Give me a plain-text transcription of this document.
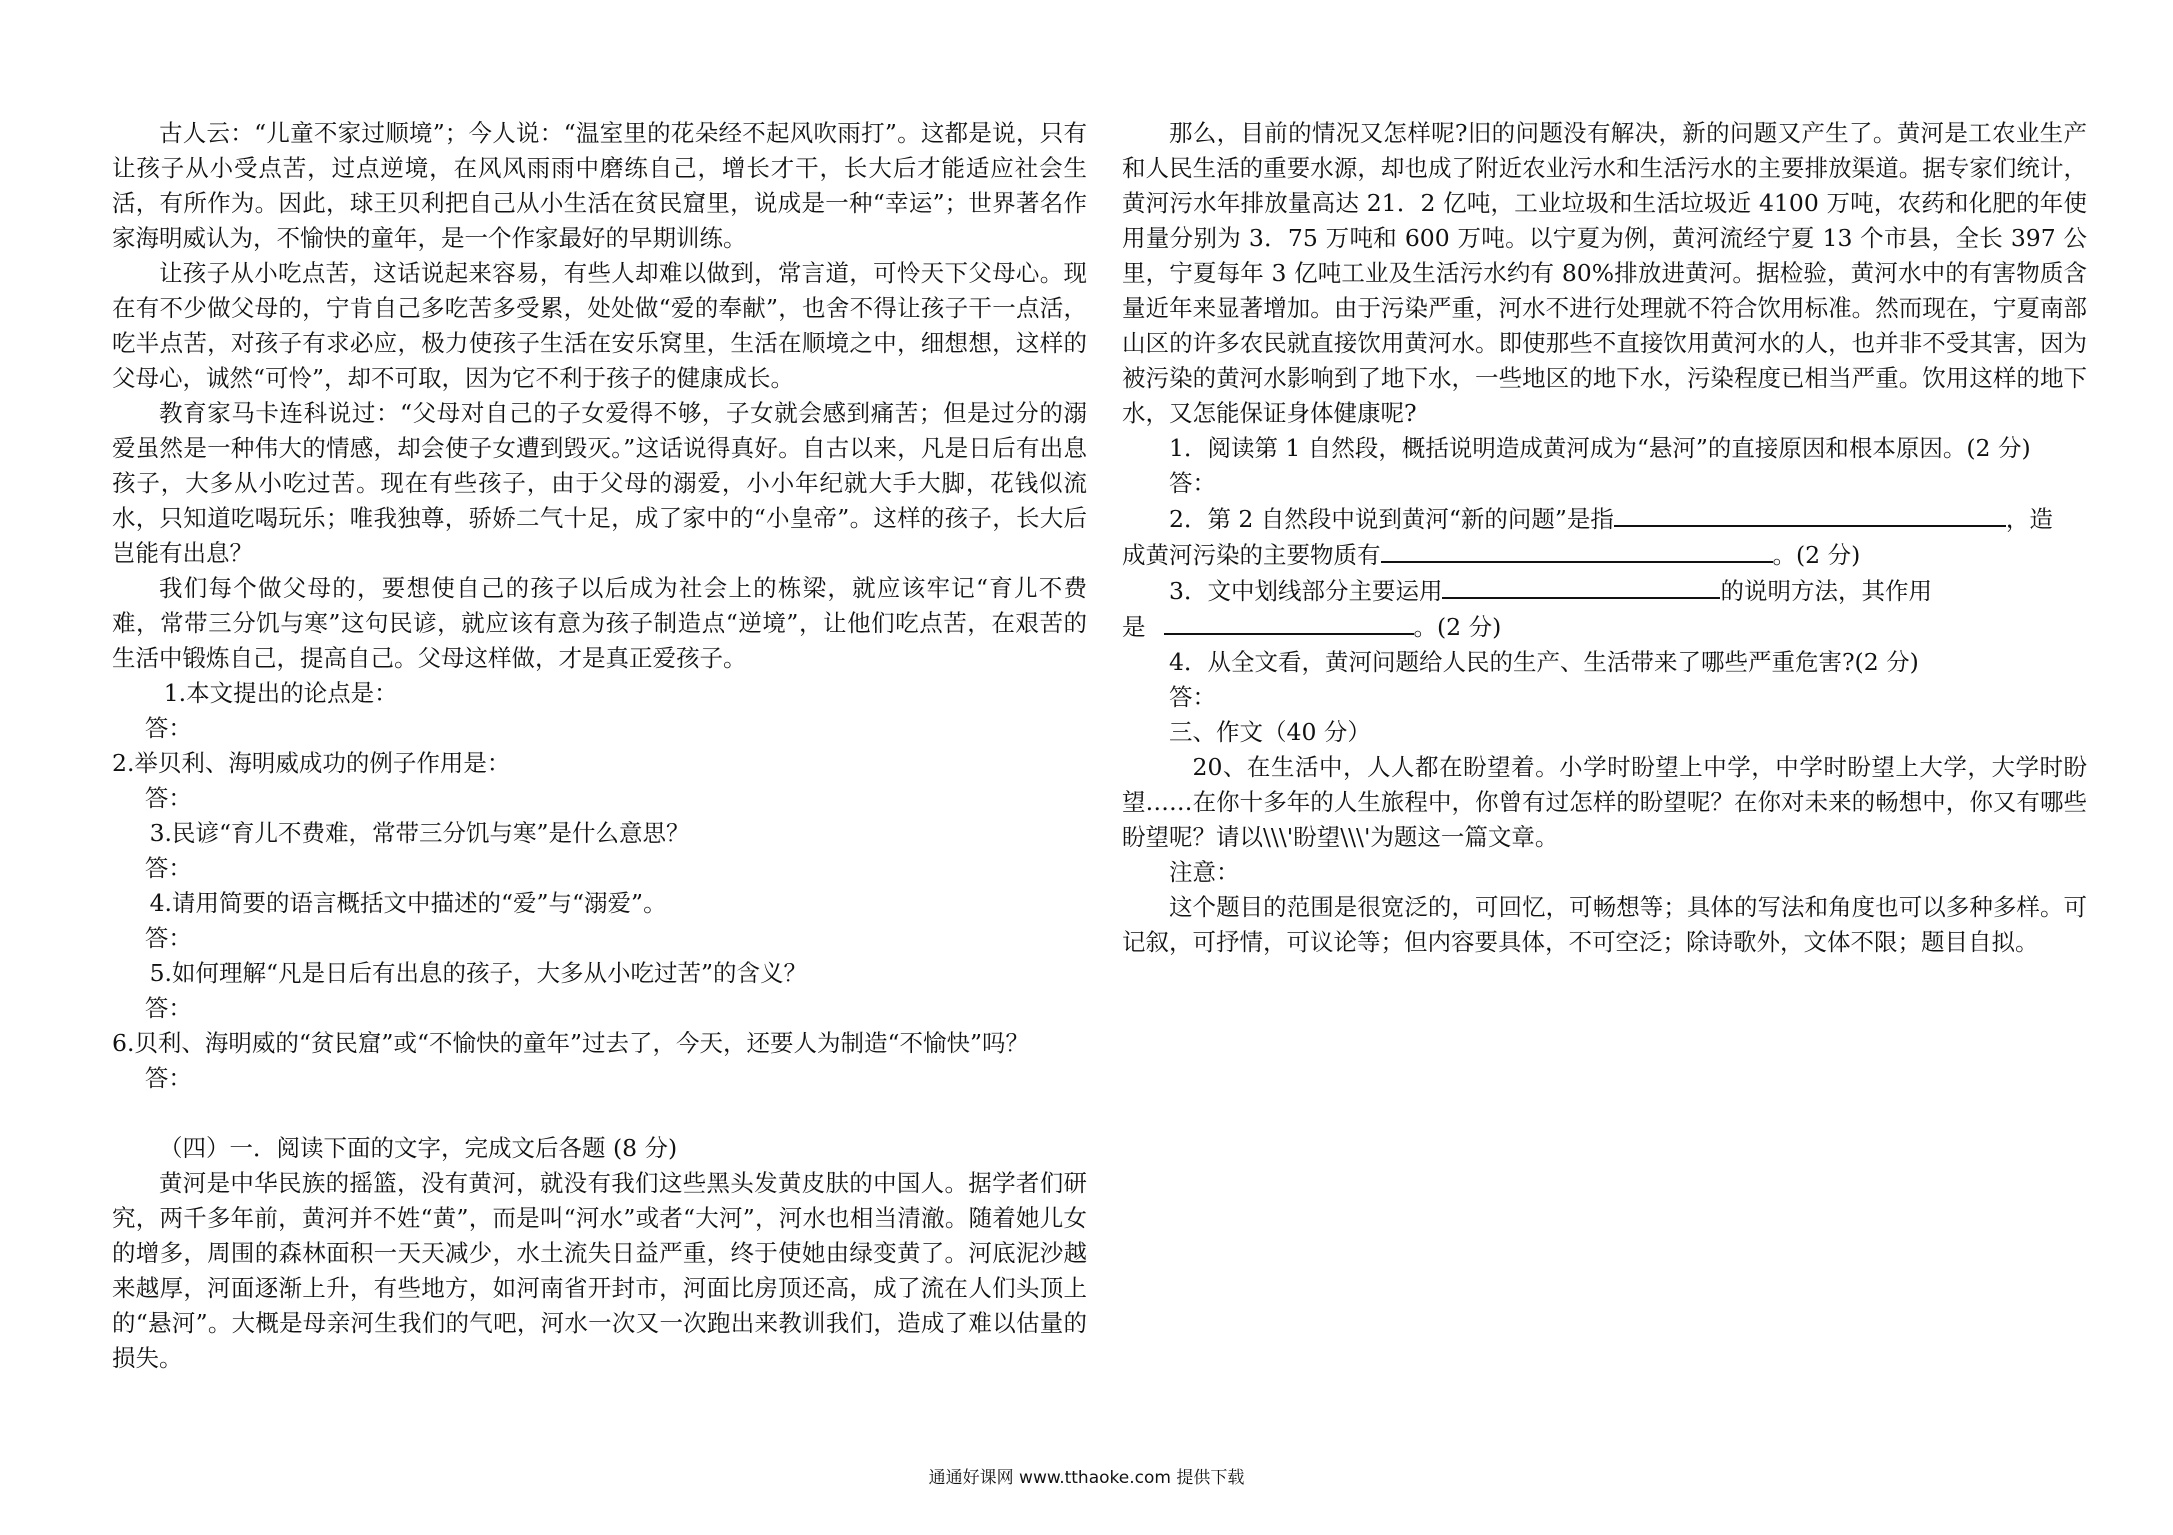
古人云：“儿童不家过顺境”；今人说：“温室里的花朵经不起风吹雨打”。这都是说，只有让孩子从小受点苦，过点逆境，在风风雨雨中磨练自己，增长才干，长大后才能适应社会生活，有所作为。因此，球王贝利把自己从小生活在贫民窟里，说成是一种“幸运”；世界著名作家海明威认为，不愉快的童年，是一个作家最好的早期训练。

让孩子从小吃点苦，这话说起来容易，有些人却难以做到，常言道，可怜天下父母心。现在有不少做父母的，宁肯自己多吃苦多受累，处处做“爱的奉献”，也舍不得让孩子干一点活，吃半点苦，对孩子有求必应，极力使孩子生活在安乐窝里，生活在顺境之中，细想想，这样的父母心，诚然“可怜”，却不可取，因为它不利于孩子的健康成长。

教育家马卡连科说过：“父母对自己的子女爱得不够，子女就会感到痛苦；但是过分的溺爱虽然是一种伟大的情感，却会使子女遭到毁灭。”这话说得真好。自古以来，凡是日后有出息孩子，大多从小吃过苦。现在有些孩子，由于父母的溺爱，小小年纪就大手大脚，花钱似流水，只知道吃喝玩乐；唯我独尊，骄娇二气十足，成了家中的“小皇帝”。这样的孩子，长大后岂能有出息？

我们每个做父母的，要想使自己的孩子以后成为社会上的栋梁，就应该牢记“育儿不费难，常带三分饥与寒”这句民谚，就应该有意为孩子制造点“逆境”，让他们吃点苦，在艰苦的生活中锻炼自己，提高自己。父母这样做，才是真正爱孩子。

1.本文提出的论点是：

答：

2.举贝利、海明威成功的例子作用是：

答：

3.民谚“育儿不费难，常带三分饥与寒”是什么意思？

答：

4.请用简要的语言概括文中描述的“爱”与“溺爱”。

答：

5.如何理解“凡是日后有出息的孩子，大多从小吃过苦”的含义？

答：

6.贝利、海明威的“贫民窟”或“不愉快的童年”过去了，今天，还要人为制造“不愉快”吗？

答：

（四）一．阅读下面的文字，完成文后各题 (8 分)

黄河是中华民族的摇篮，没有黄河，就没有我们这些黑头发黄皮肤的中国人。据学者们研究，两千多年前，黄河并不姓“黄”，而是叫“河水”或者“大河”，河水也相当清澈。随着她儿女的增多，周围的森林面积一天天减少，水土流失日益严重，终于使她由绿变黄了。河底泥沙越来越厚，河面逐渐上升，有些地方，如河南省开封市，河面比房顶还高，成了流在人们头顶上的“悬河”。大概是母亲河生我们的气吧，河水一次又一次跑出来教训我们，造成了难以估量的损失。

那么，目前的情况又怎样呢?旧的问题没有解决，新的问题又产生了。黄河是工农业生产和人民生活的重要水源，却也成了附近农业污水和生活污水的主要排放渠道。据专家们统计，黄河污水年排放量高达 21．2 亿吨，工业垃圾和生活垃圾近 4100 万吨，农药和化肥的年使用量分别为 3．75 万吨和 600 万吨。以宁夏为例，黄河流经宁夏 13 个市县，全长 397 公里，宁夏每年 3 亿吨工业及生活污水约有 80%排放进黄河。据检验，黄河水中的有害物质含量近年来显著增加。由于污染严重，河水不进行处理就不符合饮用标准。然而现在，宁夏南部山区的许多农民就直接饮用黄河水。即使那些不直接饮用黄河水的人，也并非不受其害，因为被污染的黄河水影响到了地下水，一些地区的地下水，污染程度已相当严重。饮用这样的地下水，又怎能保证身体健康呢?

1．阅读第 1 自然段，概括说明造成黄河成为“悬河”的直接原因和根本原因。(2 分)

答：

2．第 2 自然段中说到黄河“新的问题”是指	，造

成黄河污染的主要物质有	。(2 分)

3．文中划线部分主要运用	的说明方法，其作用

是	。(2 分)

4．从全文看，黄河问题给人民的生产、生活带来了哪些严重危害?(2 分)

答：

三、作文（40 分）

20、在生活中，人人都在盼望着。小学时盼望上中学，中学时盼望上大学，大学时盼望……在你十多年的人生旅程中，你曾有过怎样的盼望呢？在你对未来的畅想中，你又有哪些盼望呢？请以\\\'盼望\\\'为题这一篇文章。

注意：

这个题目的范围是很宽泛的，可回忆，可畅想等；具体的写法和角度也可以多种多样。可记叙，可抒情，可议论等；但内容要具体，不可空泛；除诗歌外，文体不限；题目自拟。

通通好课网 www.tthaoke.com 提供下载
